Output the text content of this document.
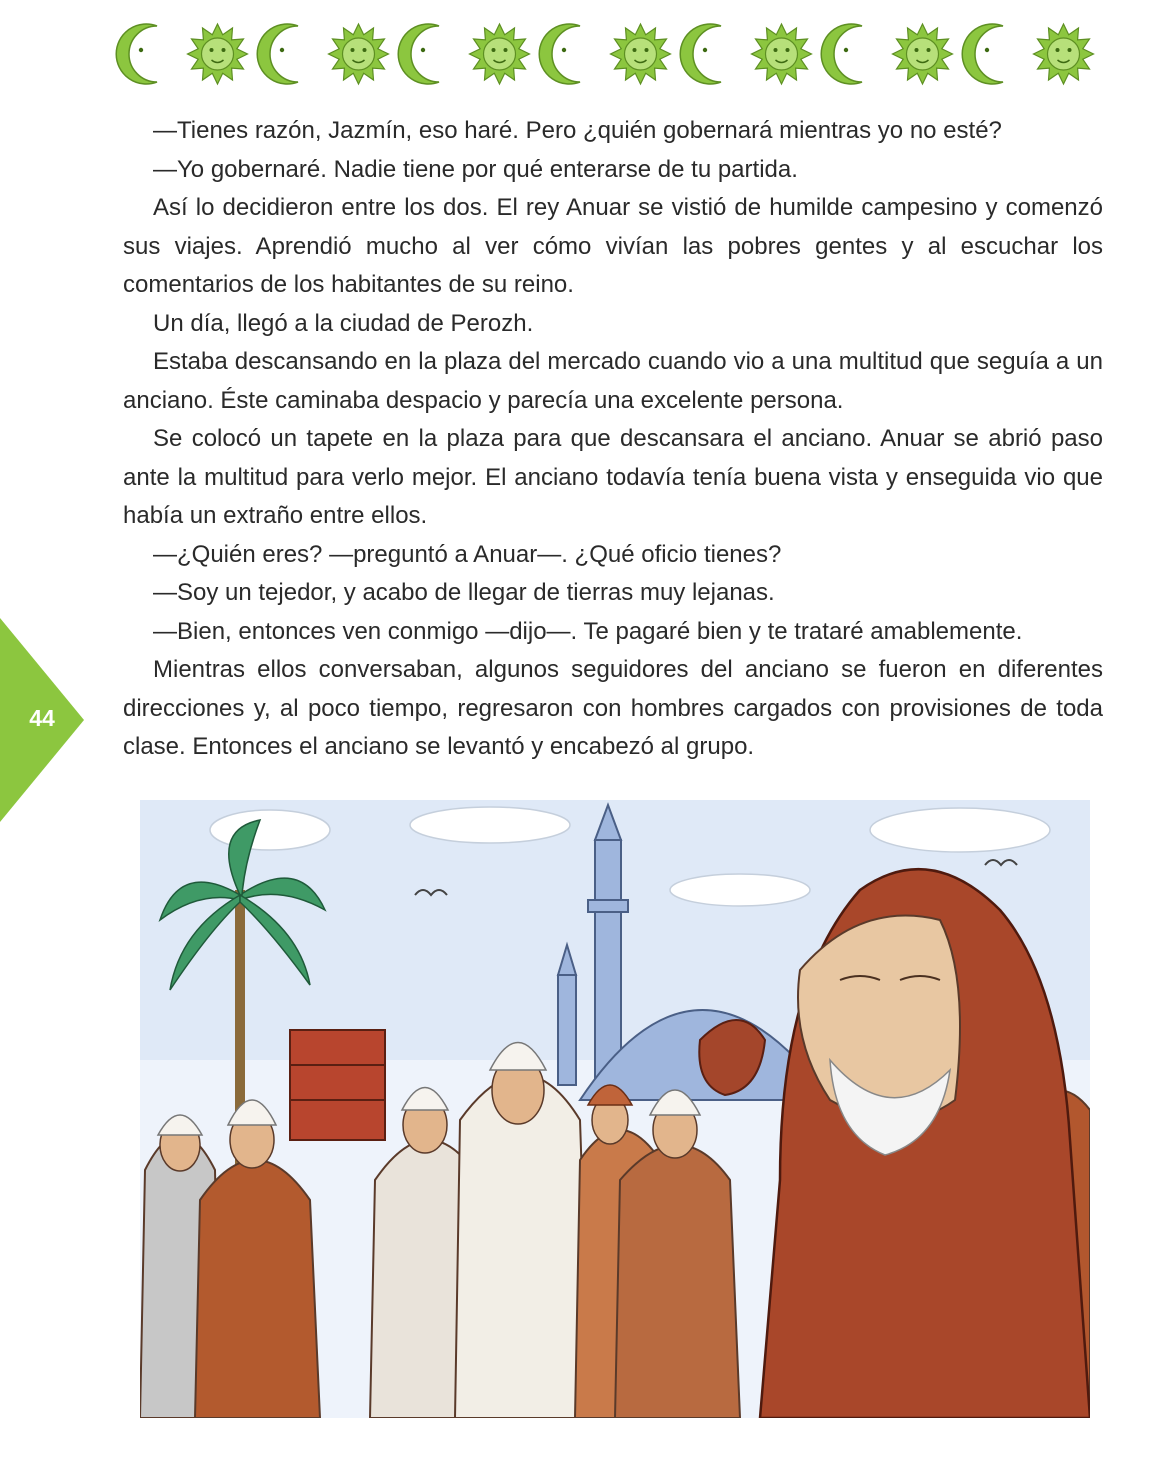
—Tienes razón, Jazmín, eso haré. Pero ¿quién gobernará mientras yo no esté?

—Yo gobernaré. Nadie tiene por qué enterarse de tu partida.

Así lo decidieron entre los dos. El rey Anuar se vistió de humilde campesino y comenzó sus viajes. Aprendió mucho al ver cómo vivían las pobres gentes y al escuchar los comentarios de los habitantes de su reino.

Un día, llegó a la ciudad de Perozh.

Estaba descansando en la plaza del mercado cuando vio a una multitud que seguía a un anciano. Éste caminaba despacio y parecía una excelente persona.

Se colocó un tapete en la plaza para que descansara el anciano. Anuar se abrió paso ante la multitud para verlo mejor. El anciano todavía tenía buena vista y enseguida vio que había un extraño entre ellos.

—¿Quién eres? —preguntó a Anuar—. ¿Qué oficio tienes?

—Soy un tejedor, y acabo de llegar de tierras muy lejanas.

—Bien, entonces ven conmigo —dijo—. Te pagaré bien y te trataré amablemente.

Mientras ellos conversaban, algunos seguidores del anciano se fueron en diferentes direcciones y, al poco tiempo, regresaron con hombres cargados con provisiones de toda clase. Entonces el anciano se levantó y encabezó al grupo.

44
